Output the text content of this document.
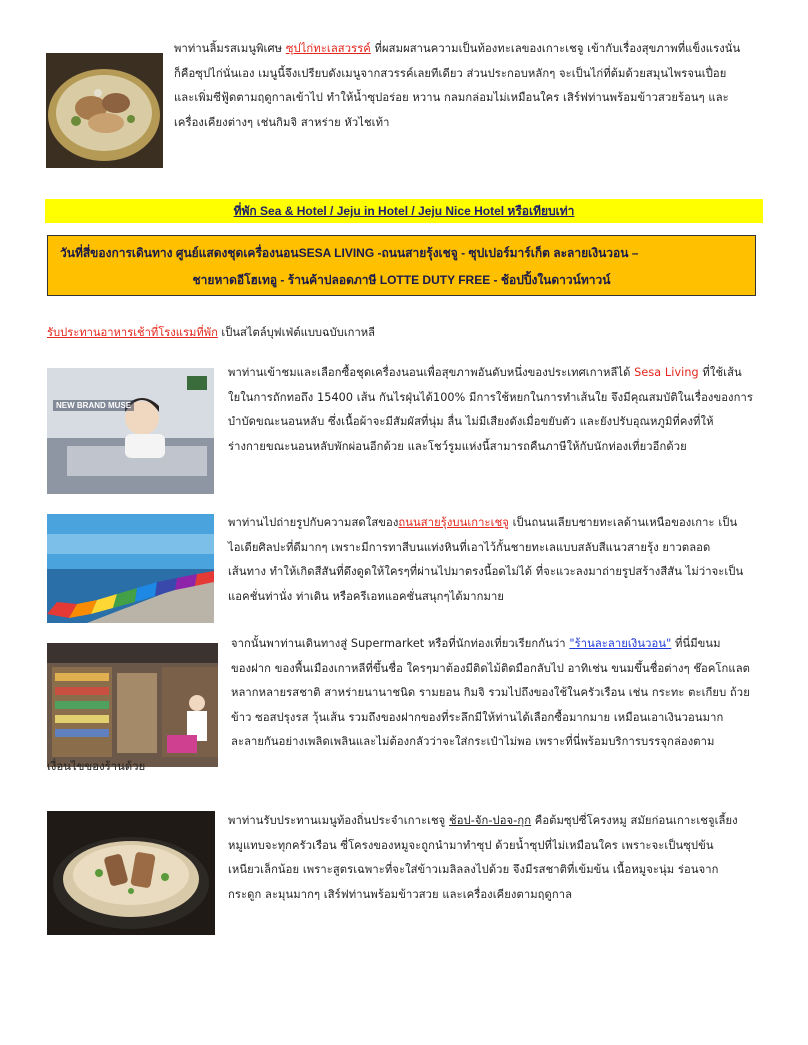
พาท่านลิ้มรสเมนูพิเศษ ซุปไก่ทะเลสวรรค์ ที่ผสมผสานความเป็นท้องทะเลของเกาะเชจู เข้ากับเรื่องสุขภาพที่แข็งแรงนั่น
ก็คือซุปไก่นั่นเอง เมนูนี้จึงเปรียบดังเมนูจากสวรรค์เลยทีเดียว ส่วนประกอบหลักๆ จะเป็นไก่ที่ต้มด้วยสมุนไพรจนเปื่อย
และเพิ่มซีฟู้ดตามฤดูกาลเข้าไป ทำให้น้ำซุปอร่อย หวาน กลมกล่อมไม่เหมือนใคร เสิร์ฟท่านพร้อมข้าวสวยร้อนๆ และ
เครื่องเคียงต่างๆ เช่นกิมจิ สาหร่าย หัวไชเท้า
ที่พัก Sea & Hotel / Jeju in Hotel / Jeju Nice Hotel หรือเทียบเท่า
วันที่สี่ของการเดินทาง ศูนย์แสดงชุดเครื่องนอนSESA LIVING -ถนนสายรุ้งเชจู - ซุปเปอร์มาร์เก็ต ละลายเงินวอน –
ชายหาดอีโฮเทอู - ร้านค้าปลอดภาษี LOTTE DUTY FREE - ช้อปปิ้งในดาวน์ทาวน์
รับประทานอาหารเช้าที่โรงแรมที่พัก เป็นสไตล์บุฟเฟ่ต์แบบฉบับเกาหลี
NEW BRAND MUSE
พาท่านเข้าชมและเลือกซื้อชุดเครื่องนอนเพื่อสุขภาพอันดับหนึ่งของประเทศเกาหลีได้ Sesa Living ที่ใช้เส้น
ใยในการถักทอถึง 15400 เส้น กันไรฝุ่นได้100% มีการใช้หยกในการทำเส้นใย จึงมีคุณสมบัติในเรื่องของการ
บำบัดขณะนอนหลับ ซึ่งเนื้อผ้าจะมีสัมผัสที่นุ่ม ลื่น ไม่มีเสียงดังเมื่อขยับตัว และยังปรับอุณหภูมิที่คงที่ให้
ร่างกายขณะนอนหลับพักผ่อนอีกด้วย และโชว์รูมแห่งนี้สามารถคืนภาษีให้กับนักท่องเที่ยวอีกด้วย
พาท่านไปถ่ายรูปกับความสดใสของถนนสายรุ้งบนเกาะเชจู เป็นถนนเลียบชายทะเลด้านเหนือของเกาะ เป็น
ไอเดียศิลปะที่ดีมากๆ เพราะมีการทาสีบนแท่งหินที่เอาไว้กั้นชายทะเลแบบสลับสีแนวสายรุ้ง ยาวตลอด
เส้นทาง ทำให้เกิดสีสันที่ดึงดูดให้ใครๆที่ผ่านไปมาตรงนี้อดไม่ได้ ที่จะแวะลงมาถ่ายรูปสร้างสีสัน ไม่ว่าจะเป็น
แอคชั่นท่านั่ง ท่าเดิน หรือครีเอทแอคชั่นสนุกๆได้มากมาย
จากนั้นพาท่านเดินทางสู่ Supermarket หรือที่นักท่องเที่ยวเรียกกันว่า "ร้านละลายเงินวอน" ที่นี่มีขนม
ของฝาก ของพื้นเมืองเกาหลีที่ขึ้นชื่อ ใครๆมาต้องมีติดไม้ติดมือกลับไป อาทิเช่น ขนมขึ้นชื่อต่างๆ ช๊อคโกแลต
หลากหลายรสชาติ สาหร่ายนานาชนิด รามยอน กิมจิ รวมไปถึงของใช้ในครัวเรือน เช่น กระทะ ตะเกียบ ถ้วย
ข้าว ซอสปรุงรส วุ้นเส้น รวมถึงของฝากของที่ระลึกมีให้ท่านได้เลือกซื้อมากมาย เหมือนเอาเงินวอนมาก
ละลายกันอย่างเพลิดเพลินและไม่ต้องกลัวว่าจะใส่กระเป๋าไม่พอ เพราะที่นี่พร้อมบริการบรรจุกล่องตาม
เงื่อนไขของร้านด้วย
พาท่านรับประทานเมนูท้องถิ่นประจำเกาะเชจู ช้อป-จัก-ปอจ-กุก คือต้มซุปซี่โครงหมู สมัยก่อนเกาะเชจูเลี้ยง
หมูแทบจะทุกครัวเรือน ซี่โครงของหมูจะถูกนำมาทำซุป ด้วยน้ำซุปที่ไม่เหมือนใคร เพราะจะเป็นซุปข้น
เหนียวเล็กน้อย เพราะสูตรเฉพาะที่จะใส่ข้าวเมลิลลงไปด้วย จึงมีรสชาติที่เข้มข้น เนื้อหมูจะนุ่ม ร่อนจาก
กระดูก ละมุนมากๆ เสิร์ฟท่านพร้อมข้าวสวย และเครื่องเคียงตามฤดูกาล
